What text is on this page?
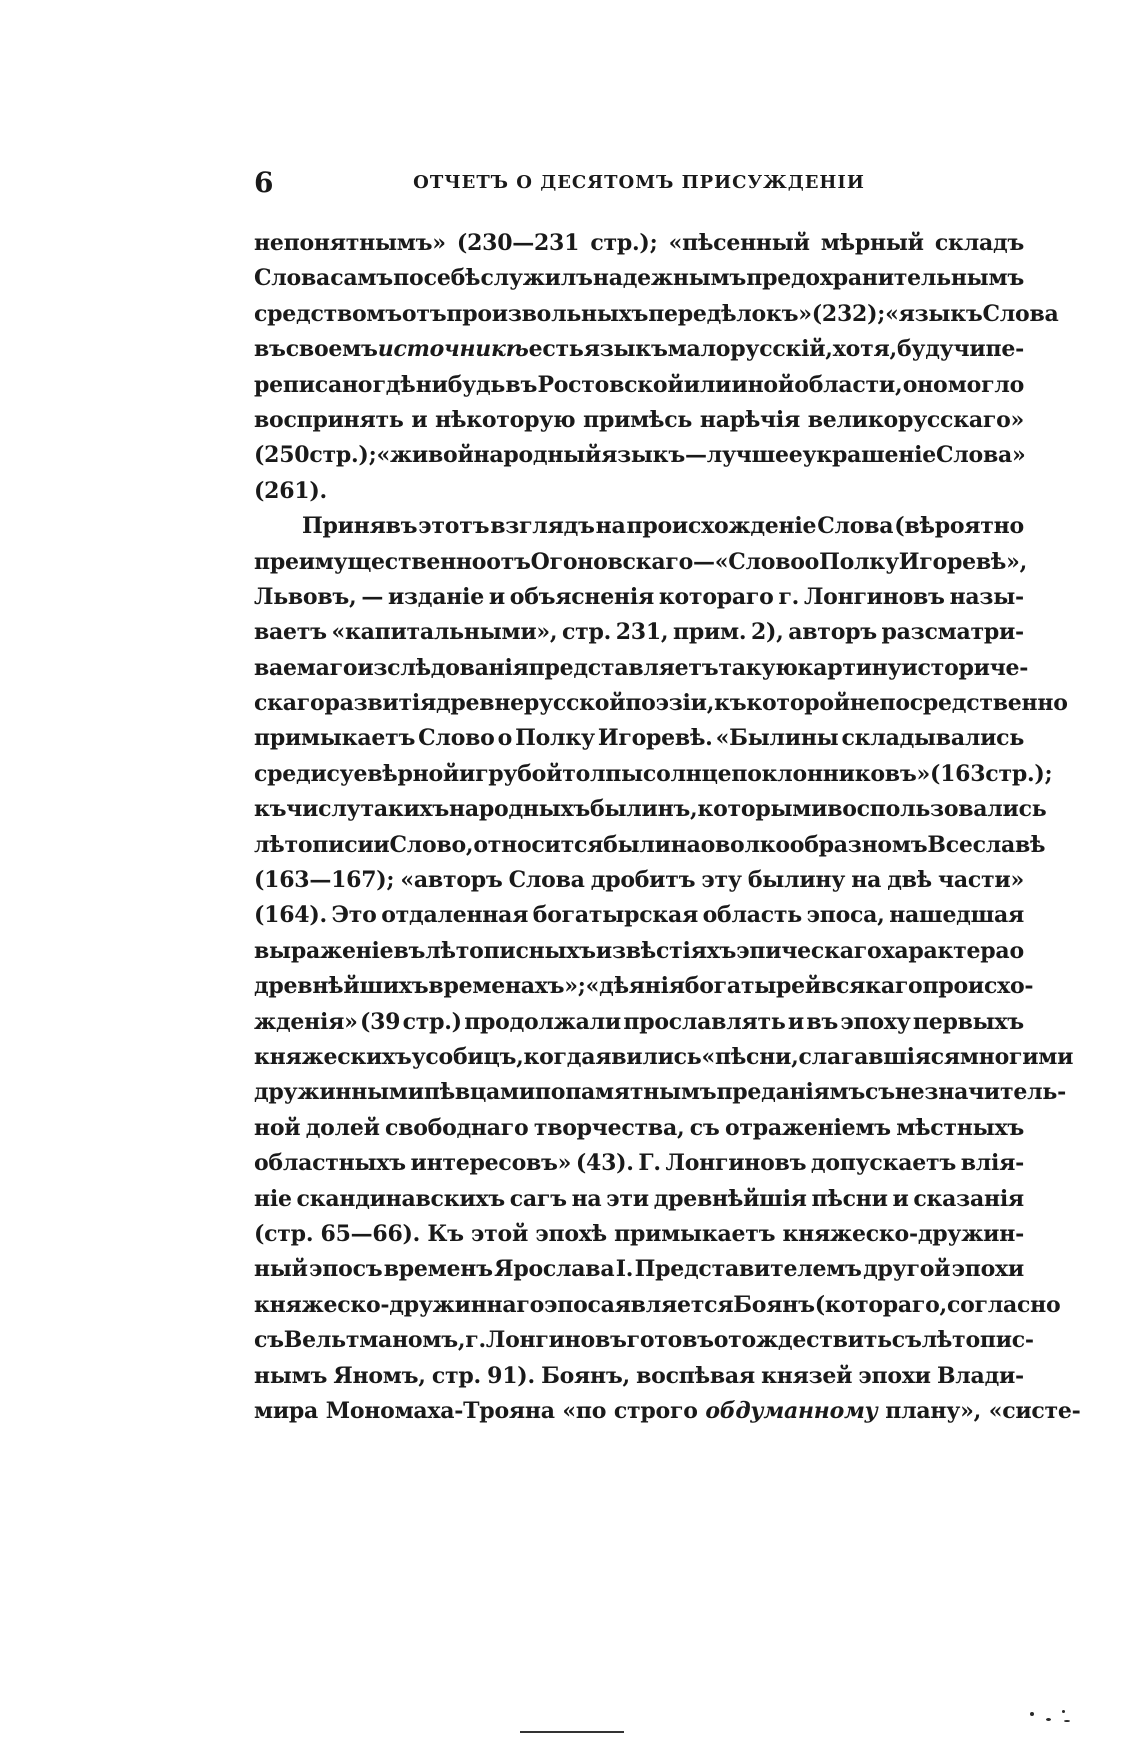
6	ОТЧЕТЪ О ДЕСЯТОМЪ ПРИСУЖДЕНІИ
непонятнымъ» (230—231 стр.); «пѣсенный мѣрный складъ
Слова самъ по себѣ служилъ надежнымъ предохранительнымъ
средствомъ отъ произвольныхъ передѣлокъ» (232); «языкъ Слова
въ своемъ источникѣ есть языкъ малорусскій, хотя, будучи пе-
реписано гдѣ нибудь въ Ростовской или иной области, оно могло
воспринять и нѣкоторую примѣсь нарѣчія великорусскаго»
(250 стр.); «живой народный языкъ — лучшее украшеніе Слова»
(261).
Принявъ этотъ взглядъ на происхожденіе Слова (вѣроятно
преимущественно отъ Огоновскаго — «Слово о Полку Игоревѣ»,
Львовъ, — изданіе и объясненія котораго г. Лонгиновъ назы-
ваетъ «капитальными», стр. 231, прим. 2), авторъ разсматри-
ваемаго изслѣдованія представляетъ такую картину историче-
скаго развитія древнерусской поэзіи, къ которой непосредственно
примыкаетъ Слово о Полку Игоревѣ. «Былины складывались
среди суевѣрной и грубой толпы солнцепоклонниковъ» (163 стр.);
къ числу такихъ народныхъ былинъ, которыми воспользовались
лѣтописи и Слово, относится былина о волкообразномъ Всеславѣ
(163—167); «авторъ Слова дробитъ эту былину на двѣ части»
(164). Это отдаленная богатырская область эпоса, нашедшая
выраженіе въ лѣтописныхъ извѣстіяхъ эпическаго характера о
древнѣйшихъ временахъ»; «дѣянія богатырей всякаго происхо-
жденія» (39 стр.) продолжали прославлять и въ эпоху первыхъ
княжескихъ усобицъ, когда явились «пѣсни, слагавшіяся многими
дружинными пѣвцами по памятнымъ преданіямъ съ незначитель-
ной долей свободнаго творчества, съ отраженіемъ мѣстныхъ
областныхъ интересовъ» (43). Г. Лонгиновъ допускаетъ влія-
ніе скандинавскихъ сагъ на эти древнѣйшія пѣсни и сказанія
(стр. 65—66). Къ этой эпохѣ примыкаетъ княжеско-дружин-
ный эпосъ временъ Ярослава I. Представителемъ другой эпохи
княжеско-дружиннаго эпоса является Боянъ (котораго, согласно
съ Вельтманомъ, г. Лонгиновъ готовъ отождествить съ лѣтопис-
нымъ Яномъ, стр. 91). Боянъ, воспѣвая князей эпохи Влади-
мира Мономаха-Трояна «по строго обдуманному плану», «систе-
